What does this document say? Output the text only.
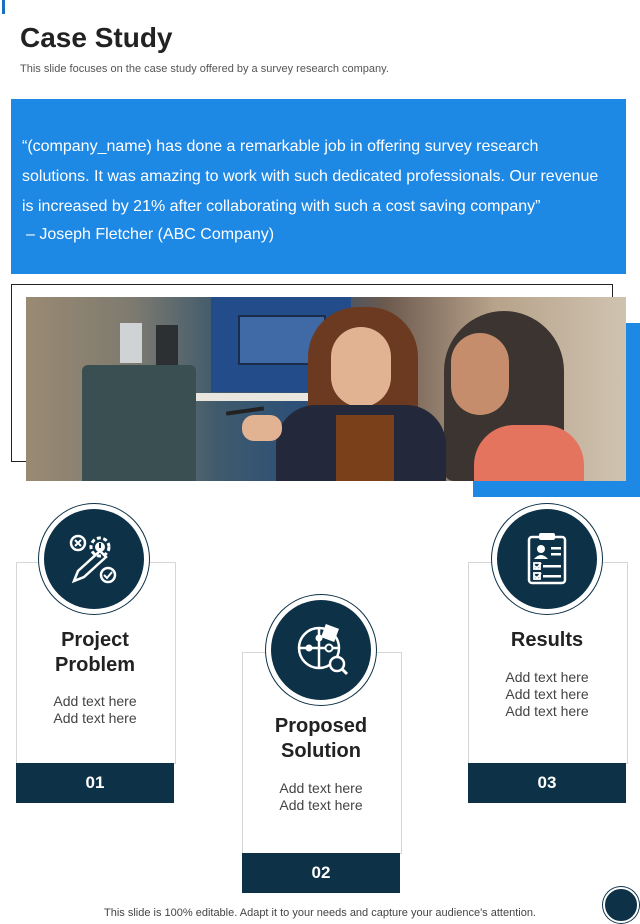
Case Study
This slide focuses on the case study offered by a survey research company.
“(company_name) has done a remarkable job in offering survey research
solutions. It was amazing to work with such dedicated professionals. Our revenue
is increased by 21% after collaborating with such a cost saving company”
– Joseph Fletcher (ABC Company)
Project
Problem
Add text here
Add text here
01
Proposed
Solution
Add text here
Add text here
02
Results
Add text here
Add text here
Add text here
03
This slide is 100% editable. Adapt it to your needs and capture your audience's attention.
